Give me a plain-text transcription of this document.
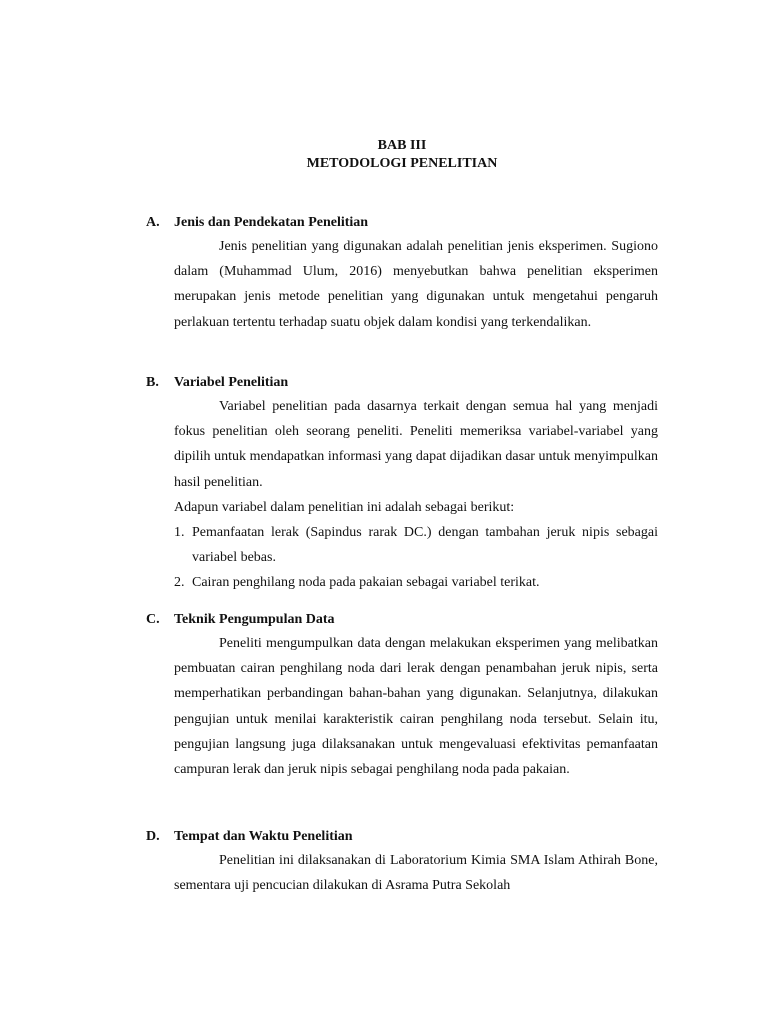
BAB III
METODOLOGI PENELITIAN
A.	Jenis dan Pendekatan Penelitian

Jenis penelitian yang digunakan adalah penelitian jenis eksperimen. Sugiono dalam (Muhammad Ulum, 2016) menyebutkan bahwa penelitian eksperimen merupakan jenis metode penelitian yang digunakan untuk mengetahui pengaruh perlakuan tertentu terhadap suatu objek dalam kondisi yang terkendalikan.

B.	Variabel Penelitian

Variabel penelitian pada dasarnya terkait dengan semua hal yang menjadi fokus penelitian oleh seorang peneliti. Peneliti memeriksa variabel-variabel yang dipilih untuk mendapatkan informasi yang dapat dijadikan dasar untuk menyimpulkan hasil penelitian.

Adapun variabel dalam penelitian ini adalah sebagai berikut:

1. Pemanfaatan lerak (Sapindus rarak DC.) dengan tambahan jeruk nipis sebagai variabel bebas.
2. Cairan penghilang noda pada pakaian sebagai variabel terikat.
C.	Teknik Pengumpulan Data

Peneliti mengumpulkan data dengan melakukan eksperimen yang melibatkan pembuatan cairan penghilang noda dari lerak dengan penambahan jeruk nipis, serta memperhatikan perbandingan bahan-bahan yang digunakan. Selanjutnya, dilakukan pengujian untuk menilai karakteristik cairan penghilang noda tersebut. Selain itu, pengujian langsung juga dilaksanakan untuk mengevaluasi efektivitas pemanfaatan campuran lerak dan jeruk nipis sebagai penghilang noda pada pakaian.

D.	Tempat dan Waktu Penelitian

Penelitian ini dilaksanakan di Laboratorium Kimia SMA Islam Athirah Bone, sementara uji pencucian dilakukan di Asrama Putra Sekolah
